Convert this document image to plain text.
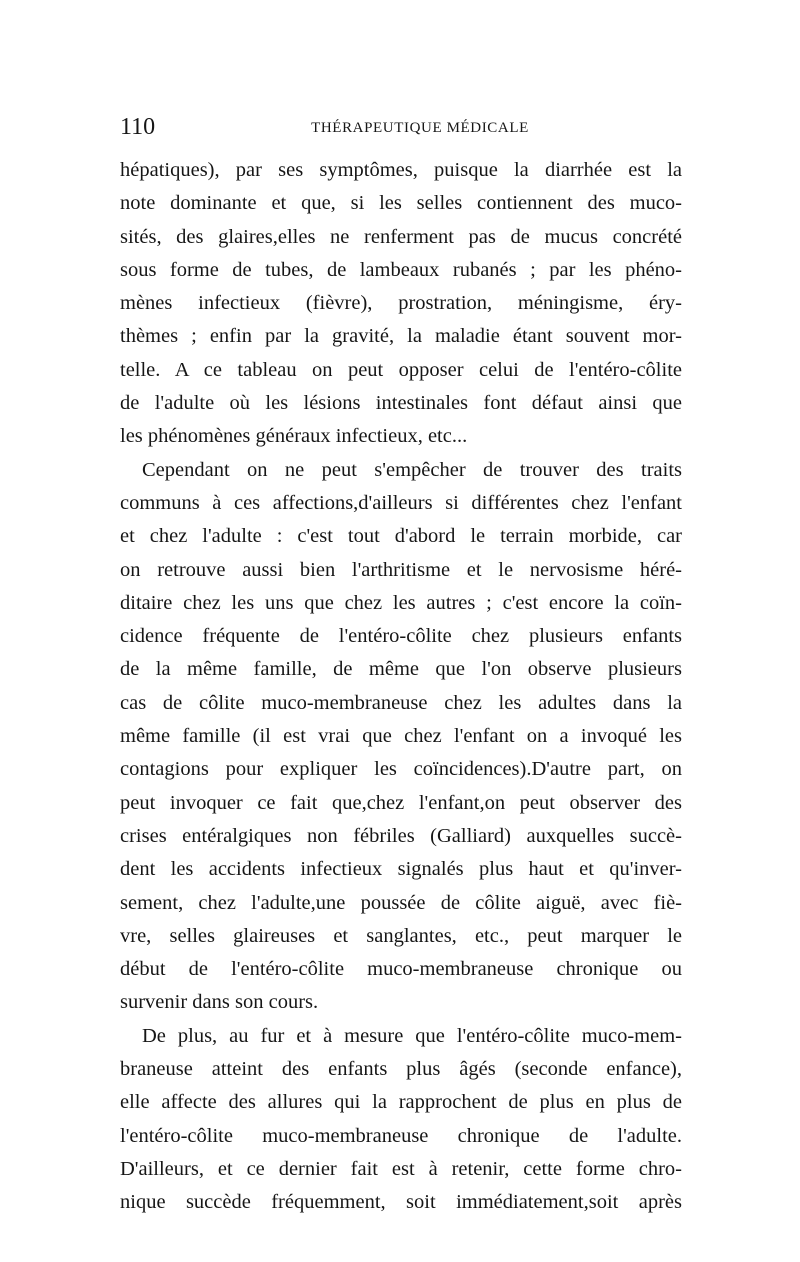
110	THÉRAPEUTIQUE MÉDICALE
hépatiques), par ses symptômes, puisque la diarrhée est la
note dominante et que, si les selles contiennent des muco-
sités, des glaires,elles ne renferment pas de mucus concrété
sous forme de tubes, de lambeaux rubanés ; par les phéno-
mènes infectieux (fièvre), prostration, méningisme, éry-
thèmes ; enfin par la gravité, la maladie étant souvent mor-
telle. A ce tableau on peut opposer celui de l'entéro-côlite
de l'adulte où les lésions intestinales font défaut ainsi que
les phénomènes généraux infectieux, etc...
Cependant on ne peut s'empêcher de trouver des traits
communs à ces affections,d'ailleurs si différentes chez l'enfant
et chez l'adulte : c'est tout d'abord le terrain morbide, car
on retrouve aussi bien l'arthritisme et le nervosisme héré-
ditaire chez les uns que chez les autres ; c'est encore la coïn-
cidence fréquente de l'entéro-côlite chez plusieurs enfants
de la même famille, de même que l'on observe plusieurs
cas de côlite muco-membraneuse chez les adultes dans la
même famille (il est vrai que chez l'enfant on a invoqué les
contagions pour expliquer les coïncidences).D'autre part, on
peut invoquer ce fait que,chez l'enfant,on peut observer des
crises entéralgiques non fébriles (Galliard) auxquelles succè-
dent les accidents infectieux signalés plus haut et qu'inver-
sement, chez l'adulte,une poussée de côlite aiguë, avec fiè-
vre, selles glaireuses et sanglantes, etc., peut marquer le
début de l'entéro-côlite muco-membraneuse chronique ou
survenir dans son cours.
De plus, au fur et à mesure que l'entéro-côlite muco-mem-
braneuse atteint des enfants plus âgés (seconde enfance),
elle affecte des allures qui la rapprochent de plus en plus de
l'entéro-côlite muco-membraneuse chronique de l'adulte.
D'ailleurs, et ce dernier fait est à retenir, cette forme chro-
nique succède fréquemment, soit immédiatement,soit après
